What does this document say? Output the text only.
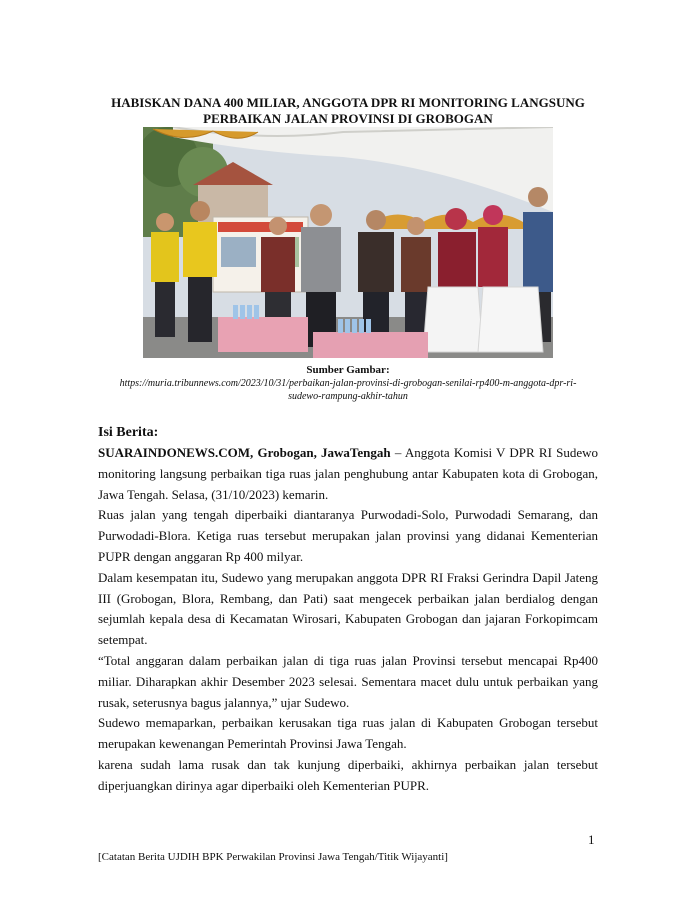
HABISKAN DANA 400 MILIAR, ANGGOTA DPR RI MONITORING LANGSUNG
PERBAIKAN JALAN PROVINSI DI GROBOGAN
Sumber Gambar:
https://muria.tribunnews.com/2023/10/31/perbaikan-jalan-provinsi-di-grobogan-senilai-rp400-m-anggota-dpr-ri-sudewo-rampung-akhir-tahun
Isi Berita:

SUARAINDONEWS.COM, Grobogan, JawaTengah – Anggota Komisi V DPR RI Sudewo monitoring langsung perbaikan tiga ruas jalan penghubung antar Kabupaten kota di Grobogan, Jawa Tengah. Selasa, (31/10/2023) kemarin.

Ruas jalan yang tengah diperbaiki diantaranya Purwodadi-Solo, Purwodadi Semarang, dan Purwodadi-Blora. Ketiga ruas tersebut merupakan jalan provinsi yang didanai Kementerian PUPR dengan anggaran Rp 400 milyar.

Dalam kesempatan itu, Sudewo yang merupakan anggota DPR RI Fraksi Gerindra Dapil Jateng III (Grobogan, Blora, Rembang, dan Pati) saat mengecek perbaikan jalan berdialog dengan sejumlah kepala desa di Kecamatan Wirosari, Kabupaten Grobogan dan jajaran Forkopimcam setempat.

“Total anggaran dalam perbaikan jalan di tiga ruas jalan Provinsi tersebut mencapai Rp400 miliar. Diharapkan akhir Desember 2023 selesai. Sementara macet dulu untuk perbaikan yang rusak, seterusnya bagus jalannya,” ujar Sudewo.

Sudewo memaparkan, perbaikan kerusakan tiga ruas jalan di Kabupaten Grobogan tersebut merupakan kewenangan Pemerintah Provinsi Jawa Tengah.

karena sudah lama rusak dan tak kunjung diperbaiki, akhirnya perbaikan jalan tersebut diperjuangkan dirinya agar diperbaiki oleh Kementerian PUPR.

1
[Catatan Berita UJDIH BPK Perwakilan Provinsi Jawa Tengah/Titik Wijayanti]
